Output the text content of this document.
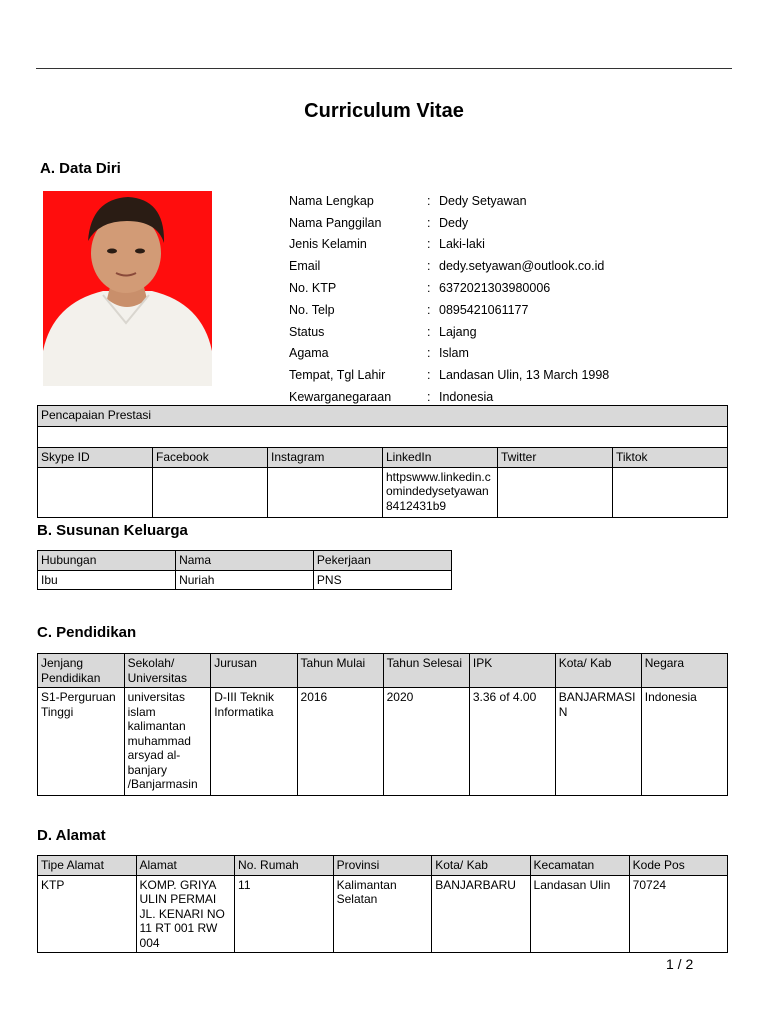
Curriculum Vitae
A. Data Diri
Nama Lengkap	: Dedy Setyawan
Nama Panggilan	: Dedy
Jenis Kelamin	: Laki-laki
Email	: dedy.setyawan@outlook.co.id
No. KTP	: 6372021303980006
No. Telp	: 0895421061177
Status	: Lajang
Agama	: Islam
Tempat, Tgl Lahir	: Landasan Ulin, 13 March 1998
Kewarganegaraan	: Indonesia
Pencapaian Prestasi					

Skype ID	Facebook	Instagram	LinkedIn	Twitter	Tiktok
			httpswww.linkedin.comindedysetyawan8412431b9		
B. Susunan Keluarga
Hubungan	Nama	Pekerjaan
Ibu	Nuriah	PNS
C. Pendidikan
Jenjang Pendidikan	Sekolah/ Universitas	Jurusan	Tahun Mulai	Tahun Selesai	IPK	Kota/ Kab	Negara
S1-Perguruan Tinggi	universitas islam kalimantan muhammad arsyad al-banjary /Banjarmasin	D-III Teknik Informatika	2016	2020	3.36 of 4.00	BANJARMASIN	Indonesia
D. Alamat
Tipe Alamat	Alamat	No. Rumah	Provinsi	Kota/ Kab	Kecamatan	Kode Pos
KTP	KOMP. GRIYA ULIN PERMAI JL. KENARI NO 11 RT 001 RW 004	11	Kalimantan Selatan	BANJARBARU	Landasan Ulin	70724
1 / 2
